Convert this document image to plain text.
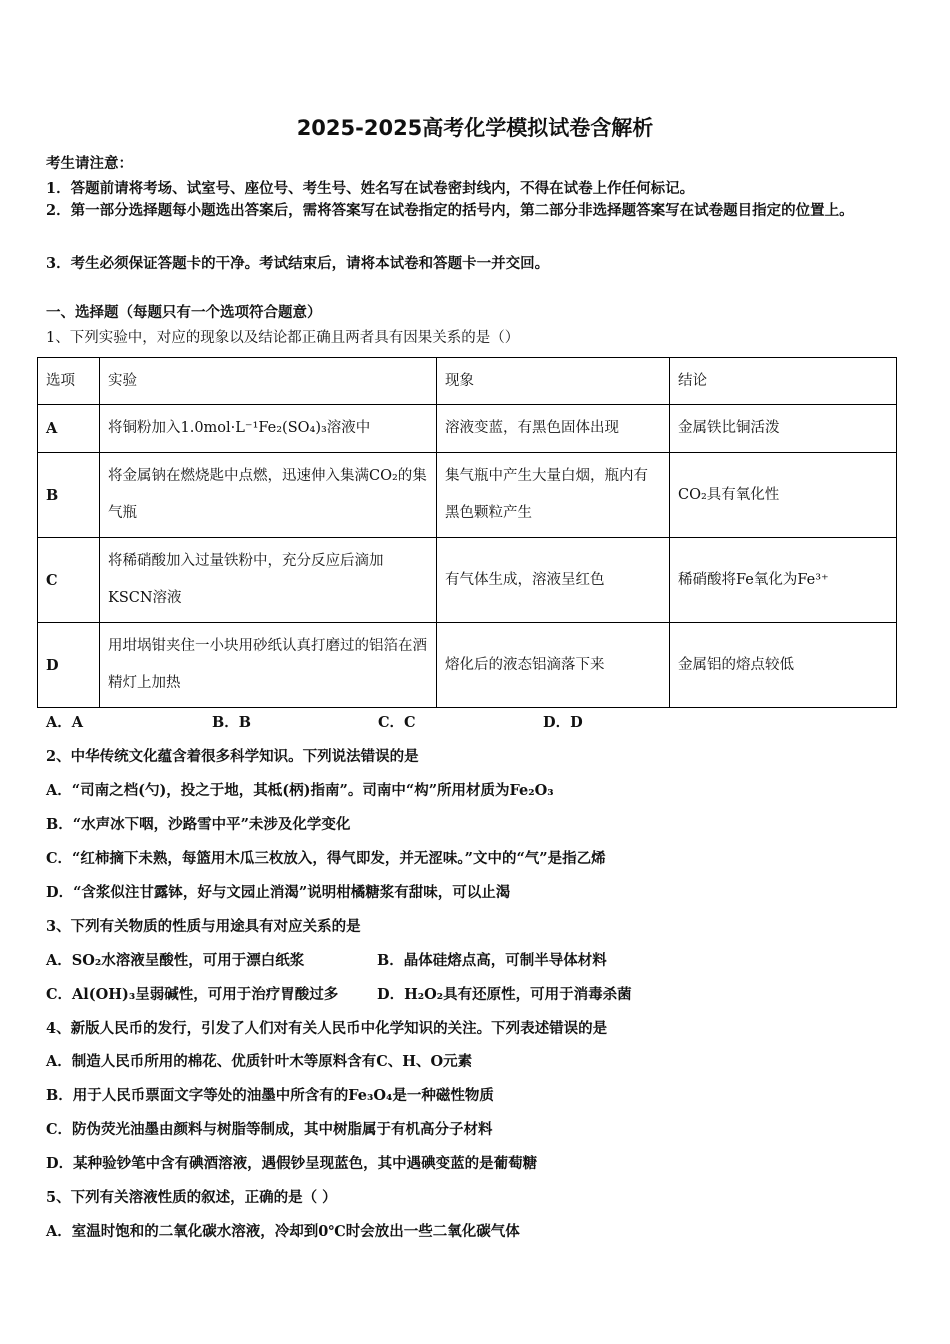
2025-2025高考化学模拟试卷含解析
考生请注意：
1．答题前请将考场、试室号、座位号、考生号、姓名写在试卷密封线内，不得在试卷上作任何标记。
2．第一部分选择题每小题选出答案后，需将答案写在试卷指定的括号内，第二部分非选择题答案写在试卷题目指定的位置上。
3．考生必须保证答题卡的干净。考试结束后，请将本试卷和答题卡一并交回。
一、选择题（每题只有一个选项符合题意）
1、下列实验中，对应的现象以及结论都正确且两者具有因果关系的是（）
选项	实验	现象	结论
A	将铜粉加入1.0mol·L⁻¹Fe₂(SO₄)₃溶液中	溶液变蓝，有黑色固体出现	金属铁比铜活泼
B	将金属钠在燃烧匙中点燃，迅速伸入集满CO₂的集气瓶	集气瓶中产生大量白烟，瓶内有黑色颗粒产生	CO₂具有氧化性
C	将稀硝酸加入过量铁粉中，充分反应后滴加KSCN溶液	有气体生成，溶液呈红色	稀硝酸将Fe氧化为Fe³⁺
D	用坩埚钳夹住一小块用砂纸认真打磨过的铝箔在酒精灯上加热	熔化后的液态铝滴落下来	金属铝的熔点较低
A．A	B．B	C．C	D．D
2、中华传统文化蕴含着很多科学知识。下列说法错误的是
A．“司南之档(勺)，投之于地，其柢(柄)指南”。司南中“构”所用材质为Fe₂O₃
B．“水声冰下咽，沙路雪中平”未涉及化学变化
C．“红柿摘下未熟，每篮用木瓜三枚放入，得气即发，并无涩味。”文中的“气”是指乙烯
D．“含浆似注甘露钵，好与文园止消渴”说明柑橘糖浆有甜味，可以止渴
3、下列有关物质的性质与用途具有对应关系的是
A．SO₂水溶液呈酸性，可用于漂白纸浆	B．晶体硅熔点高，可制半导体材料
C．Al(OH)₃呈弱碱性，可用于治疗胃酸过多	D．H₂O₂具有还原性，可用于消毒杀菌
4、新版人民币的发行，引发了人们对有关人民币中化学知识的关注。下列表述错误的是
A．制造人民币所用的棉花、优质针叶木等原料含有C、H、O元素
B．用于人民币票面文字等处的油墨中所含有的Fe₃O₄是一种磁性物质
C．防伪荧光油墨由颜料与树脂等制成，其中树脂属于有机高分子材料
D．某种验钞笔中含有碘酒溶液，遇假钞呈现蓝色，其中遇碘变蓝的是葡萄糖
5、下列有关溶液性质的叙述，正确的是（ ）
A．室温时饱和的二氧化碳水溶液，冷却到0℃时会放出一些二氧化碳气体
